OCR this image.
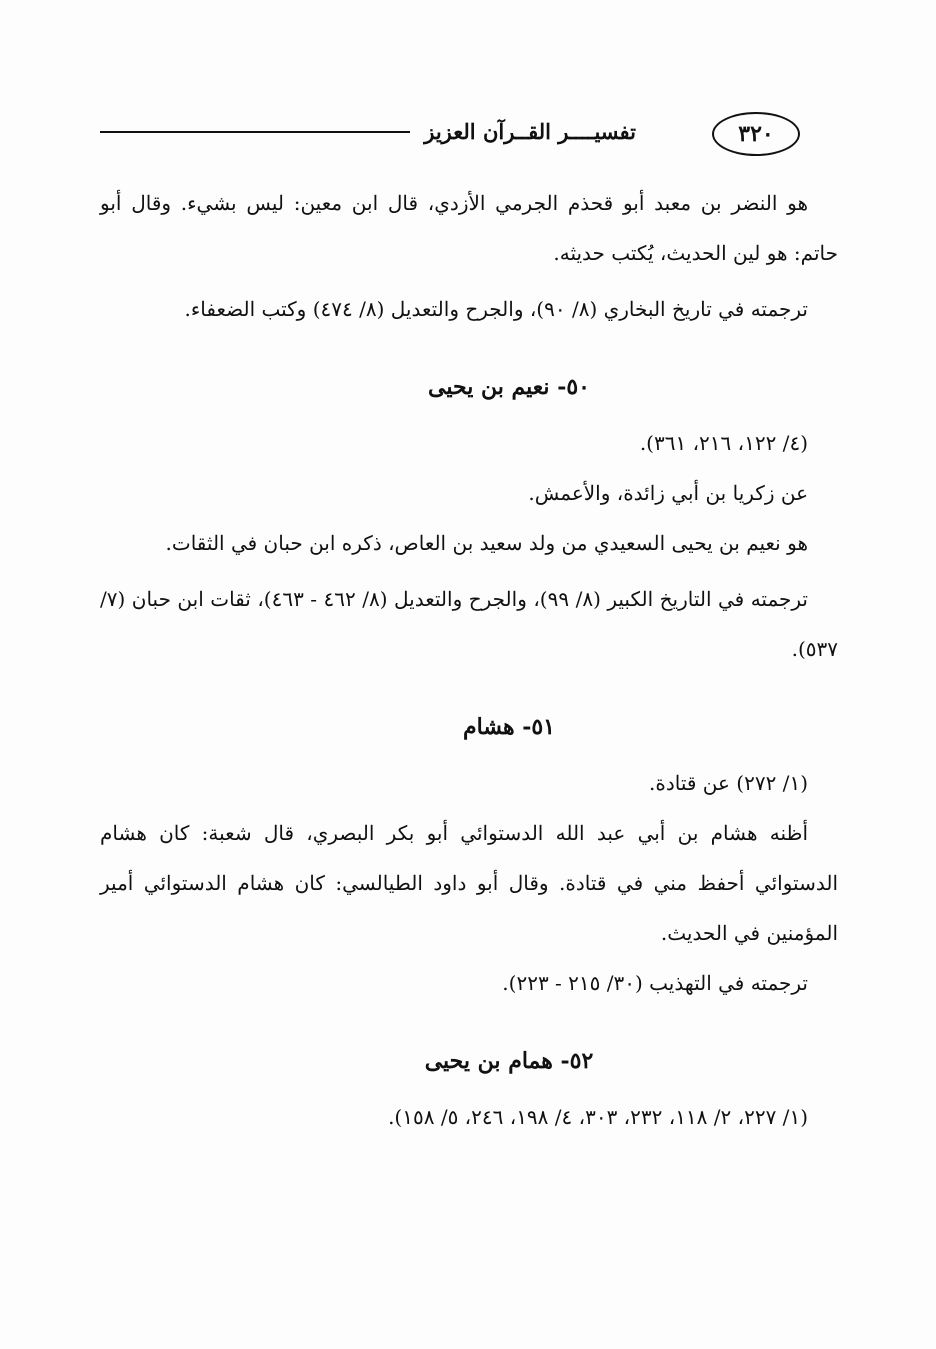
تفسيــــر القــرآن العزيز	٣٢٠

هو النضر بن معبد أبو قحذم الجرمي الأزدي، قال ابن معين: ليس بشيء. وقال أبو حاتم: هو لين الحديث، يُكتب حديثه.

ترجمته في تاريخ البخاري (٨/ ٩٠)، والجرح والتعديل (٨/ ٤٧٤) وكتب الضعفاء.

٥٠- نعيم بن يحيى

(٤/ ١٢٢، ٢١٦، ٣٦١).

عن زكريا بن أبي زائدة، والأعمش.

هو نعيم بن يحيى السعيدي من ولد سعيد بن العاص، ذكره ابن حبان في الثقات.

ترجمته في التاريخ الكبير (٨/ ٩٩)، والجرح والتعديل (٨/ ٤٦٢ - ٤٦٣)، ثقات ابن حبان (٧/ ٥٣٧).

٥١- هشام

(١/ ٢٧٢) عن قتادة.

أظنه هشام بن أبي عبد الله الدستوائي أبو بكر البصري، قال شعبة: كان هشام الدستوائي أحفظ مني في قتادة. وقال أبو داود الطيالسي: كان هشام الدستوائي أمير المؤمنين في الحديث.

ترجمته في التهذيب (٣٠/ ٢١٥ - ٢٢٣).

٥٢- همام بن يحيى

(١/ ٢٢٧، ٢/ ١١٨، ٢٣٢، ٣٠٣، ٤/ ١٩٨، ٢٤٦، ٥/ ١٥٨).
